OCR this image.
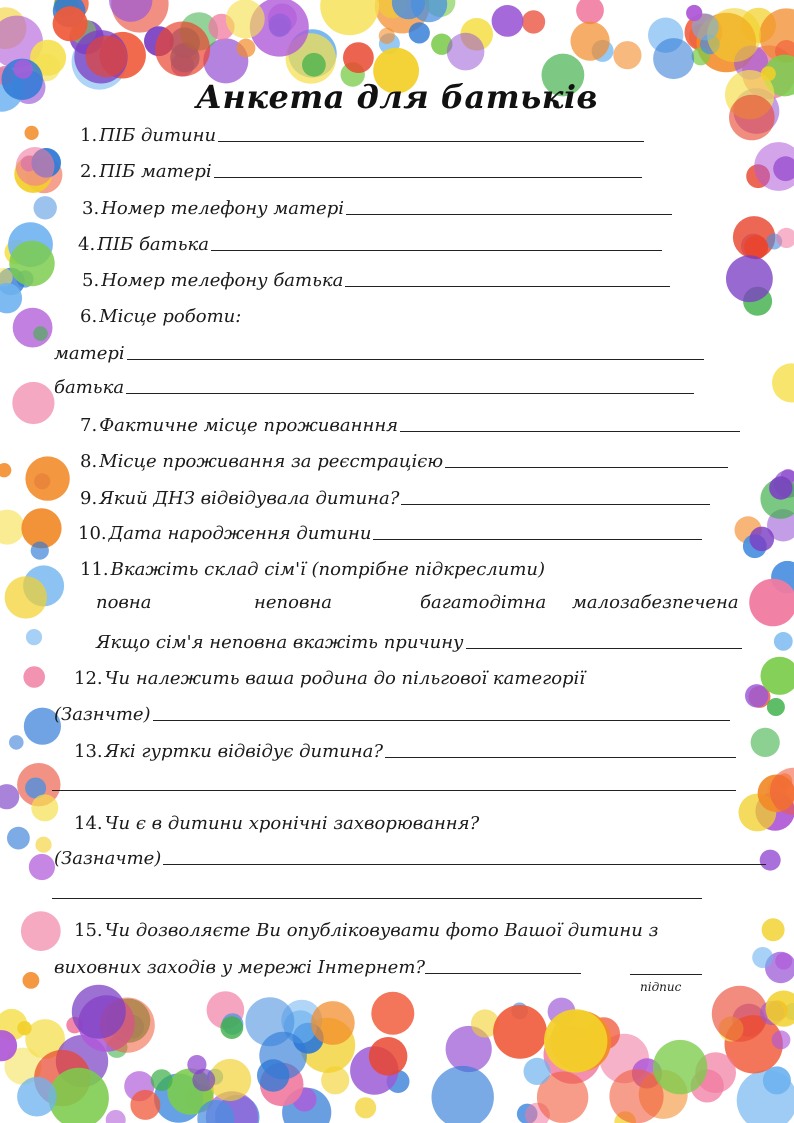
Анкета для батьків
1. ПІБ дитини
2. ПІБ матері
3. Номер телефону матері
4. ПІБ батька
5. Номер телефону батька
6. Місце роботи:
матері
батька
7. Фактичне місце проживанння
8. Місце проживання за реєстрацією
9. Який ДНЗ відвідувала дитина?
10. Дата народження дитини
11. Вкажіть склад сім'ї (потрібне підкреслити)
повна	неповна	багатодітна малозабезпечена
Якщо сім'я неповна вкажіть причину
12. Чи належить ваша родина до пільгової категорії
(Зазнчте)
13. Які гуртки відвідує дитина?
14. Чи є в дитини хронічні захворювання?
(Зазначте)
15. Чи дозволяєте Ви опубліковувати фото Вашої дитини з
виховних заходів у мережі Інтернет?
підпис
